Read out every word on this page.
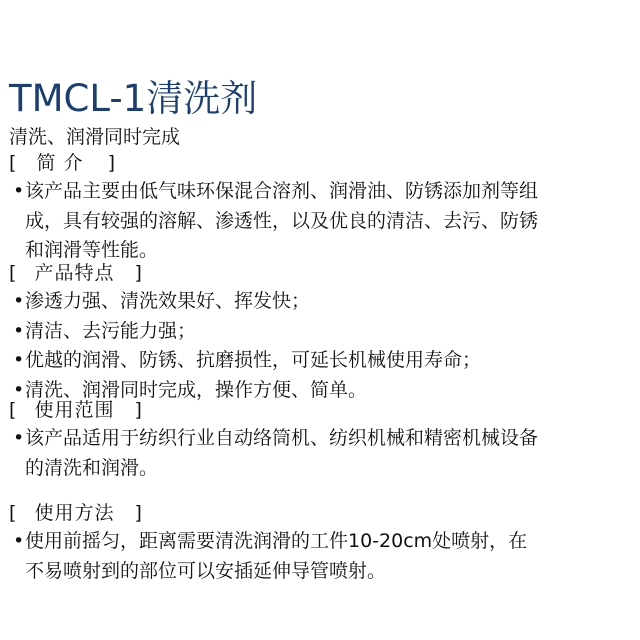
TMCL-1清洗剂
清洗、润滑同时完成
[ 简 介 ]
• 该产品主要由低气味环保混合溶剂、润滑油、防锈添加剂等组
成，具有较强的溶解、渗透性，以及优良的清洁、去污、防锈
和润滑等性能。
[ 产品特点 ]
• 渗透力强、清洗效果好、挥发快；
• 清洁、去污能力强；
• 优越的润滑、防锈、抗磨损性，可延长机械使用寿命；
• 清洗、润滑同时完成，操作方便、简单。
[ 使用范围 ]
• 该产品适用于纺织行业自动络筒机、纺织机械和精密机械设备
的清洗和润滑。
[ 使用方法 ]
• 使用前摇匀，距离需要清洗润滑的工件10-20cm处喷射，在
不易喷射到的部位可以安插延伸导管喷射。
